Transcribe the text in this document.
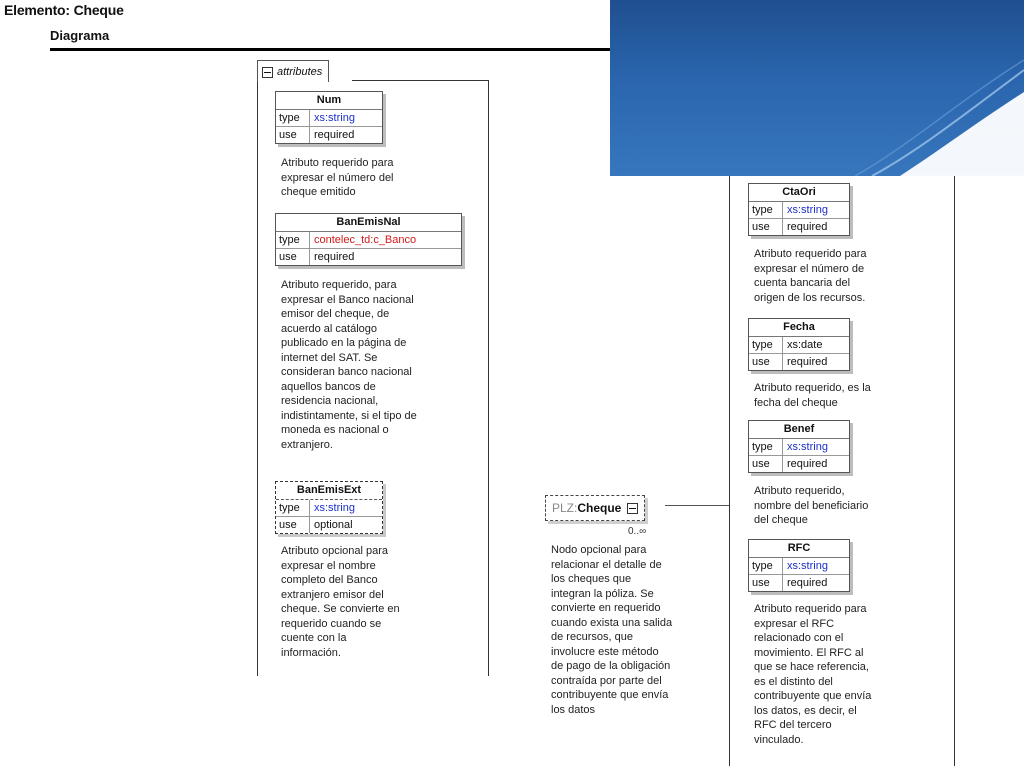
Elemento: Cheque
Diagrama
attributes
Num
type	xs:string
use	required
Atributo requerido para
expresar el número del
cheque emitido
BanEmisNal
type	contelec_td:c_Banco
use	required
Atributo requerido, para
expresar el Banco nacional
emisor del cheque, de
acuerdo al catálogo
publicado en la página de
internet del SAT. Se
consideran banco nacional
aquellos bancos de
residencia nacional,
indistintamente, si el tipo de
moneda es nacional o
extranjero.
BanEmisExt
type	xs:string
use	optional
Atributo opcional para
expresar el nombre
completo del Banco
extranjero emisor del
cheque. Se convierte en
requerido cuando se
cuente con la
información.
PLZ:Cheque
0..∞
Nodo opcional para
relacionar el detalle de
los cheques que
integran la póliza. Se
convierte en requerido
cuando exista una salida
de recursos, que
involucre este método
de pago de la obligación
contraída por parte del
contribuyente que envía
los datos
CtaOri
type	xs:string
use	required
Atributo requerido para
expresar el número de
cuenta bancaria del
origen de los recursos.
Fecha
type	xs:date
use	required
Atributo requerido, es la
fecha del cheque
Benef
type	xs:string
use	required
Atributo requerido,
nombre del beneficiario
del cheque
RFC
type	xs:string
use	required
Atributo requerido para
expresar el RFC
relacionado con el
movimiento. El RFC al
que se hace referencia,
es el distinto del
contribuyente que envía
los datos, es decir, el
RFC del tercero
vinculado.
